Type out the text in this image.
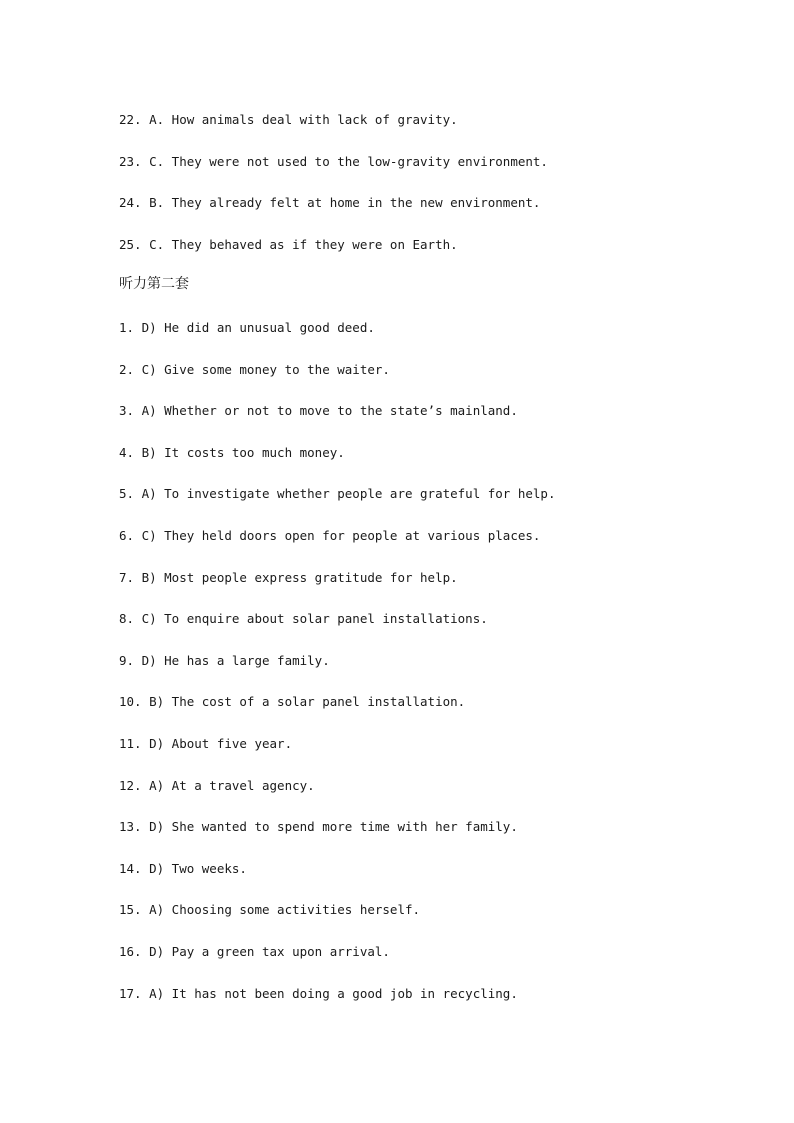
22. A. How animals deal with lack of gravity.
23. C. They were not used to the low-gravity environment.
24. B. They already felt at home in the new environment.
25. C. They behaved as if they were on Earth.
听力第二套
1. D) He did an unusual good deed.
2. C) Give some money to the waiter.
3. A) Whether or not to move to the state’s mainland.
4. B) It costs too much money.
5. A) To investigate whether people are grateful for help.
6. C) They held doors open for people at various places.
7. B) Most people express gratitude for help.
8. C) To enquire about solar panel installations.
9. D) He has a large family.
10. B) The cost of a solar panel installation.
11. D) About five year.
12. A) At a travel agency.
13. D) She wanted to spend more time with her family.
14. D) Two weeks.
15. A) Choosing some activities herself.
16. D) Pay a green tax upon arrival.
17. A) It has not been doing a good job in recycling.
